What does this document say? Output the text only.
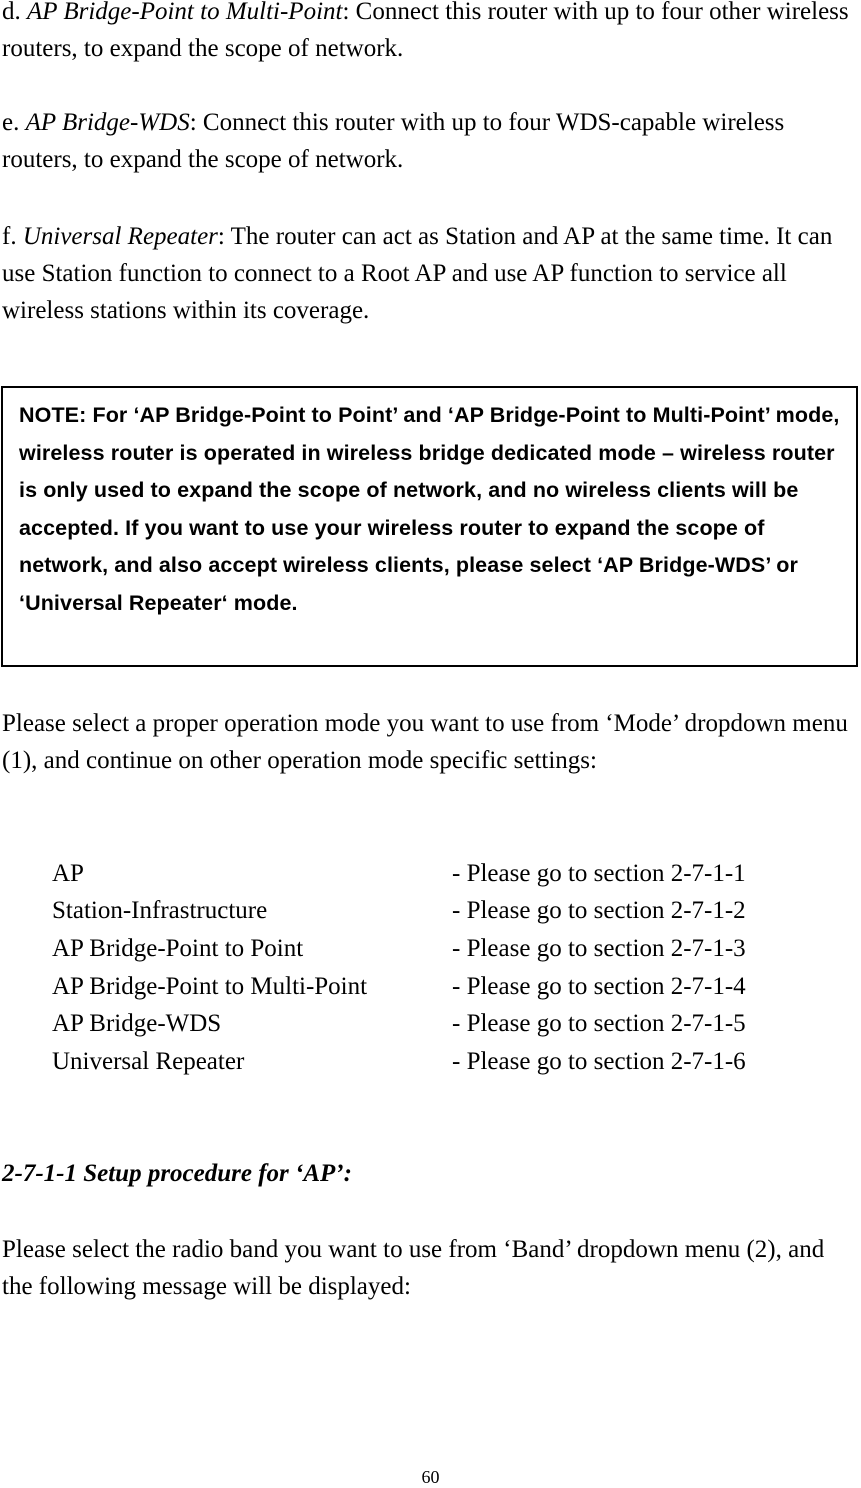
d. AP Bridge-Point to Multi-Point: Connect this router with up to four other wireless routers, to expand the scope of network.

e. AP Bridge-WDS: Connect this router with up to four WDS-capable wireless routers, to expand the scope of network.

f. Universal Repeater: The router can act as Station and AP at the same time. It can use Station function to connect to a Root AP and use AP function to service all wireless stations within its coverage.

NOTE: For ‘AP Bridge-Point to Point’ and ‘AP Bridge-Point to Multi-Point’ mode, wireless router is operated in wireless bridge dedicated mode – wireless router is only used to expand the scope of network, and no wireless clients will be accepted. If you want to use your wireless router to expand the scope of network, and also accept wireless clients, please select ‘AP Bridge-WDS’ or ‘Universal Repeater‘ mode.

Please select a proper operation mode you want to use from ‘Mode’ dropdown menu (1), and continue on other operation mode specific settings:

AP	- Please go to section 2-7-1-1
Station-Infrastructure	- Please go to section 2-7-1-2
AP Bridge-Point to Point	- Please go to section 2-7-1-3
AP Bridge-Point to Multi-Point	- Please go to section 2-7-1-4
AP Bridge-WDS	- Please go to section 2-7-1-5
Universal Repeater	- Please go to section 2-7-1-6

2-7-1-1 Setup procedure for ‘AP’:

Please select the radio band you want to use from ‘Band’ dropdown menu (2), and the following message will be displayed:

60
